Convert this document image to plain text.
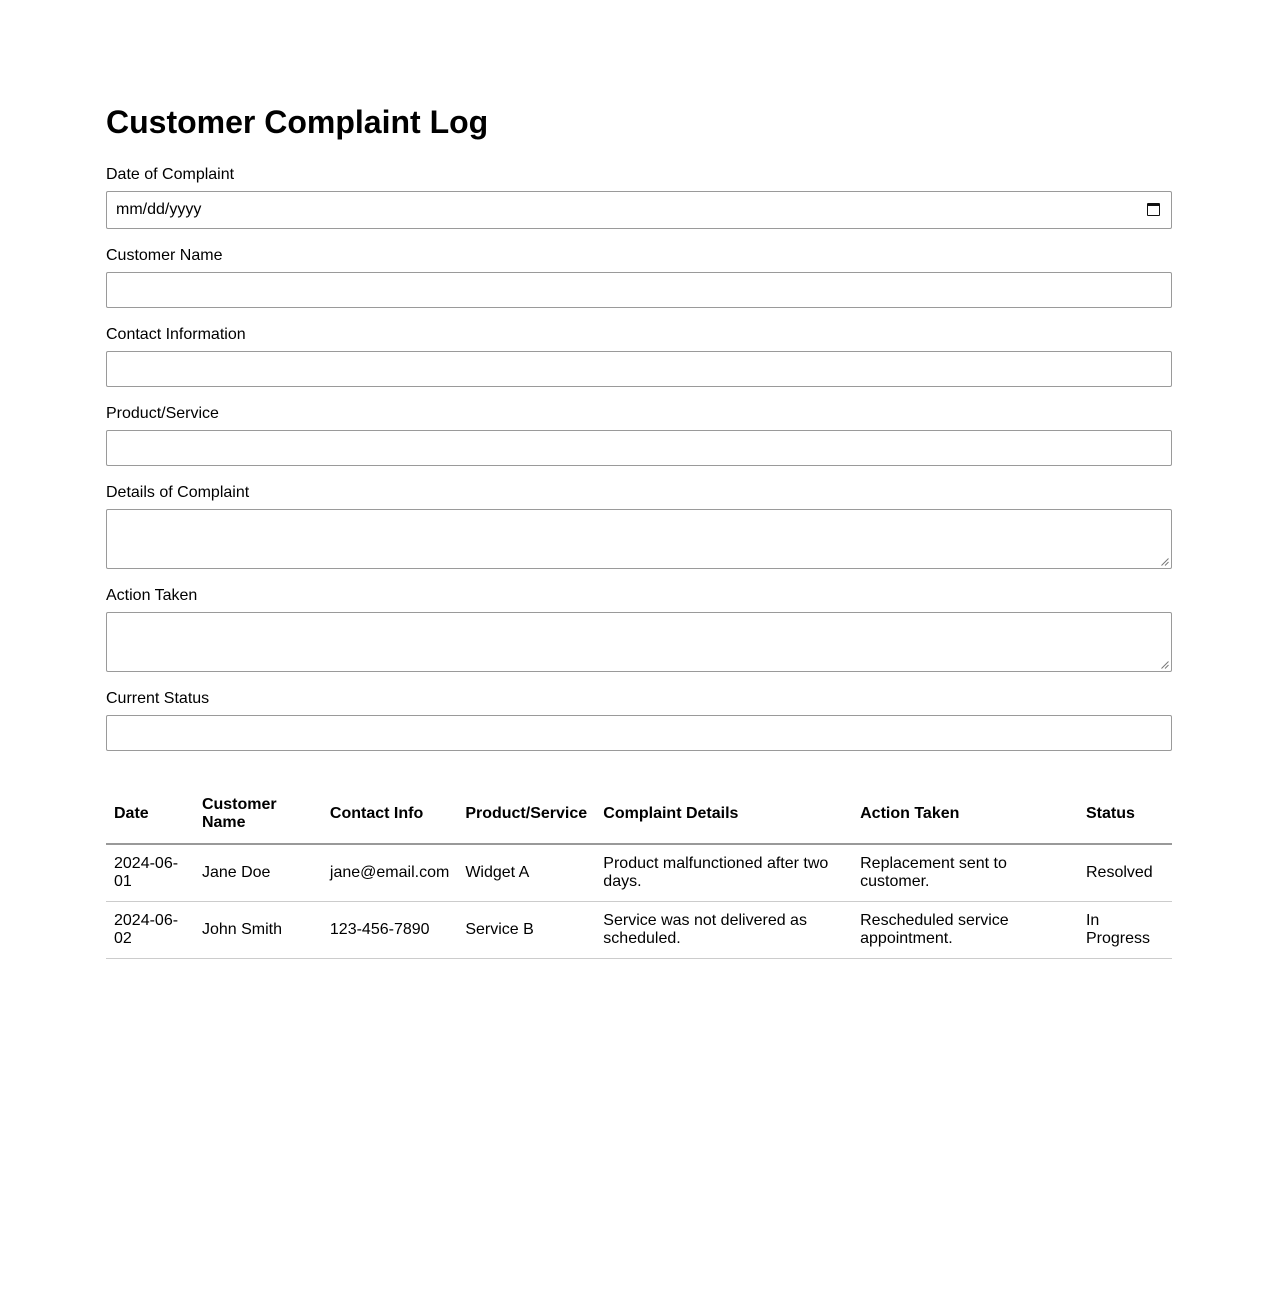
Customer Complaint Log
Date of Complaint
mm/dd/yyyy
Customer Name
Contact Information
Product/Service
Details of Complaint
Action Taken
Current Status
Date	Customer Name	Contact Info	Product/Service	Complaint Details	Action Taken	Status
2024-06-01	Jane Doe	jane@email.com	Widget A	Product malfunctioned after two days.	Replacement sent to customer.	Resolved
2024-06-02	John Smith	123-456-7890	Service B	Service was not delivered as scheduled.	Rescheduled service appointment.	In Progress
